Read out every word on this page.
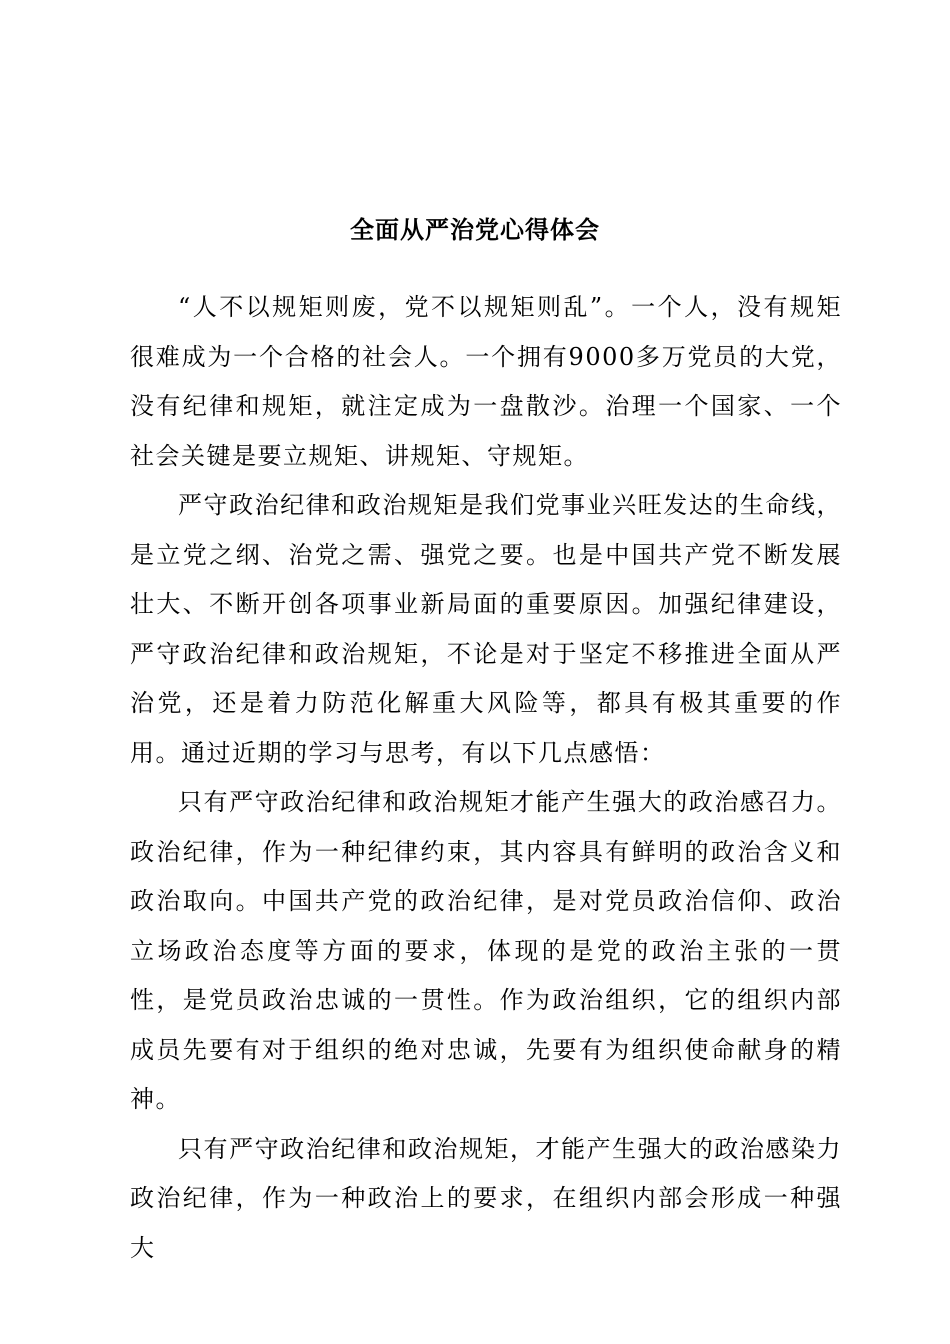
全面从严治党心得体会

“人不以规矩则废，党不以规矩则乱”。一个人，没有规矩很难成为一个合格的社会人。一个拥有9000多万党员的大党，没有纪律和规矩，就注定成为一盘散沙。治理一个国家、一个社会关键是要立规矩、讲规矩、守规矩。

严守政治纪律和政治规矩是我们党事业兴旺发达的生命线，是立党之纲、治党之需、强党之要。也是中国共产党不断发展壮大、不断开创各项事业新局面的重要原因。加强纪律建设，严守政治纪律和政治规矩，不论是对于坚定不移推进全面从严治党，还是着力防范化解重大风险等，都具有极其重要的作用。通过近期的学习与思考，有以下几点感悟：

只有严守政治纪律和政治规矩才能产生强大的政治感召力。政治纪律，作为一种纪律约束，其内容具有鲜明的政治含义和政治取向。中国共产党的政治纪律，是对党员政治信仰、政治立场政治态度等方面的要求，体现的是党的政治主张的一贯性，是党员政治忠诚的一贯性。作为政治组织，它的组织内部成员先要有对于组织的绝对忠诚，先要有为组织使命献身的精神。

只有严守政治纪律和政治规矩，才能产生强大的政治感染力政治纪律，作为一种政治上的要求，在组织内部会形成一种强大
